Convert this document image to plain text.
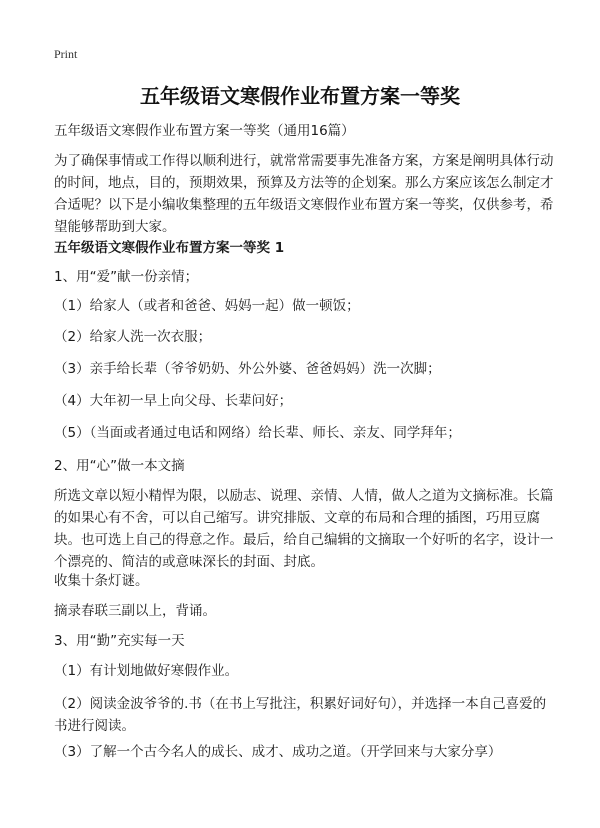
Print
五年级语文寒假作业布置方案一等奖
五年级语文寒假作业布置方案一等奖（通用16篇）
为了确保事情或工作得以顺利进行，就常常需要事先准备方案，方案是阐明具体行动的时间，地点，目的，预期效果，预算及方法等的企划案。那么方案应该怎么制定才合适呢？以下是小编收集整理的五年级语文寒假作业布置方案一等奖，仅供参考，希望能够帮助到大家。
五年级语文寒假作业布置方案一等奖 1
1、用“爱”献一份亲情；
（1）给家人（或者和爸爸、妈妈一起）做一顿饭；
（2）给家人洗一次衣服；
（3）亲手给长辈（爷爷奶奶、外公外婆、爸爸妈妈）洗一次脚；
（4）大年初一早上向父母、长辈问好；
（5）（当面或者通过电话和网络）给长辈、师长、亲友、同学拜年；
2、用“心”做一本文摘
所选文章以短小精悍为限，以励志、说理、亲情、人情，做人之道为文摘标准。长篇的如果心有不舍，可以自己缩写。讲究排版、文章的布局和合理的插图，巧用豆腐块。也可选上自己的得意之作。最后，给自己编辑的文摘取一个好听的名字，设计一个漂亮的、简洁的或意味深长的封面、封底。
收集十条灯谜。
摘录春联三副以上，背诵。
3、用“勤”充实每一天
（1）有计划地做好寒假作业。
（2）阅读金波爷爷的.书（在书上写批注，积累好词好句），并选择一本自己喜爱的书进行阅读。
（3）了解一个古今名人的成长、成才、成功之道。（开学回来与大家分享）
